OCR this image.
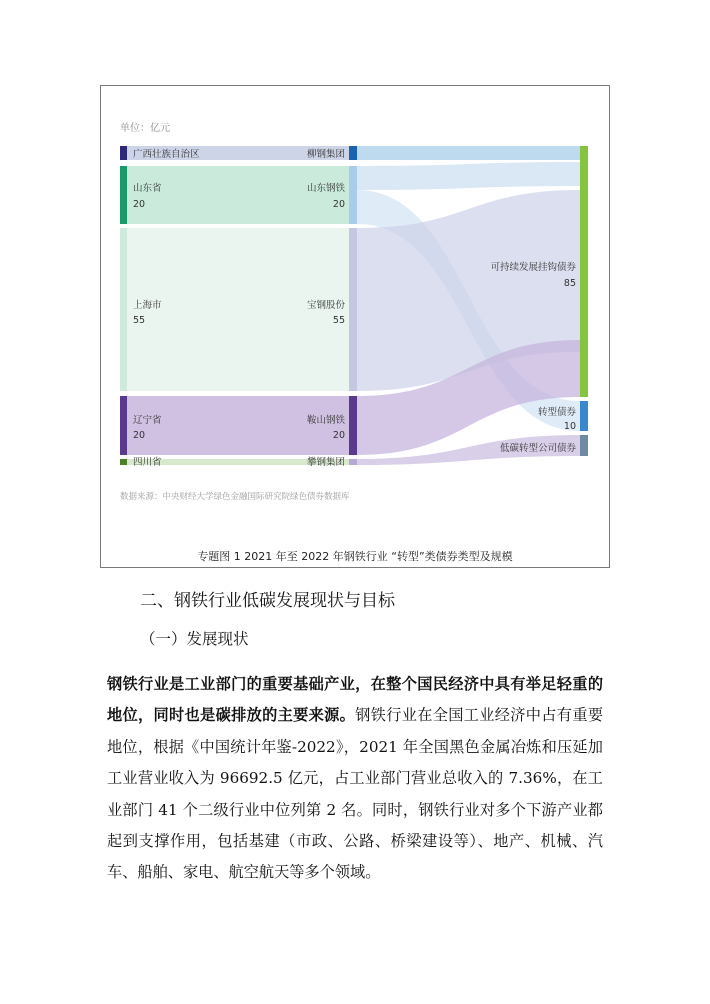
单位：亿元
广西壮族自治区
山东省
20
上海市
55
辽宁省
20
四川省
柳钢集团
山东钢铁
20
宝钢股份
55
鞍山钢铁
20
攀钢集团
可持续发展挂钩债券
85
转型债券
10
低碳转型公司债券
数据来源：中央财经大学绿色金融国际研究院绿色债券数据库
专题图 1 2021 年至 2022 年钢铁行业 “转型”类债券类型及规模
二、钢铁行业低碳发展现状与目标
（一）发展现状
钢铁行业是工业部门的重要基础产业，在整个国民经济中具有举足轻重的地位，同时也是碳排放的主要来源。钢铁行业在全国工业经济中占有重要地位，根据《中国统计年鉴-2022》，2021 年全国黑色金属冶炼和压延加工业营业收入为 96692.5 亿元，占工业部门营业总收入的 7.36%，在工业部门 41 个二级行业中位列第 2 名。同时，钢铁行业对多个下游产业都起到支撑作用，包括基建（市政、公路、桥梁建设等）、地产、机械、汽车、船舶、家电、航空航天等多个领域。
